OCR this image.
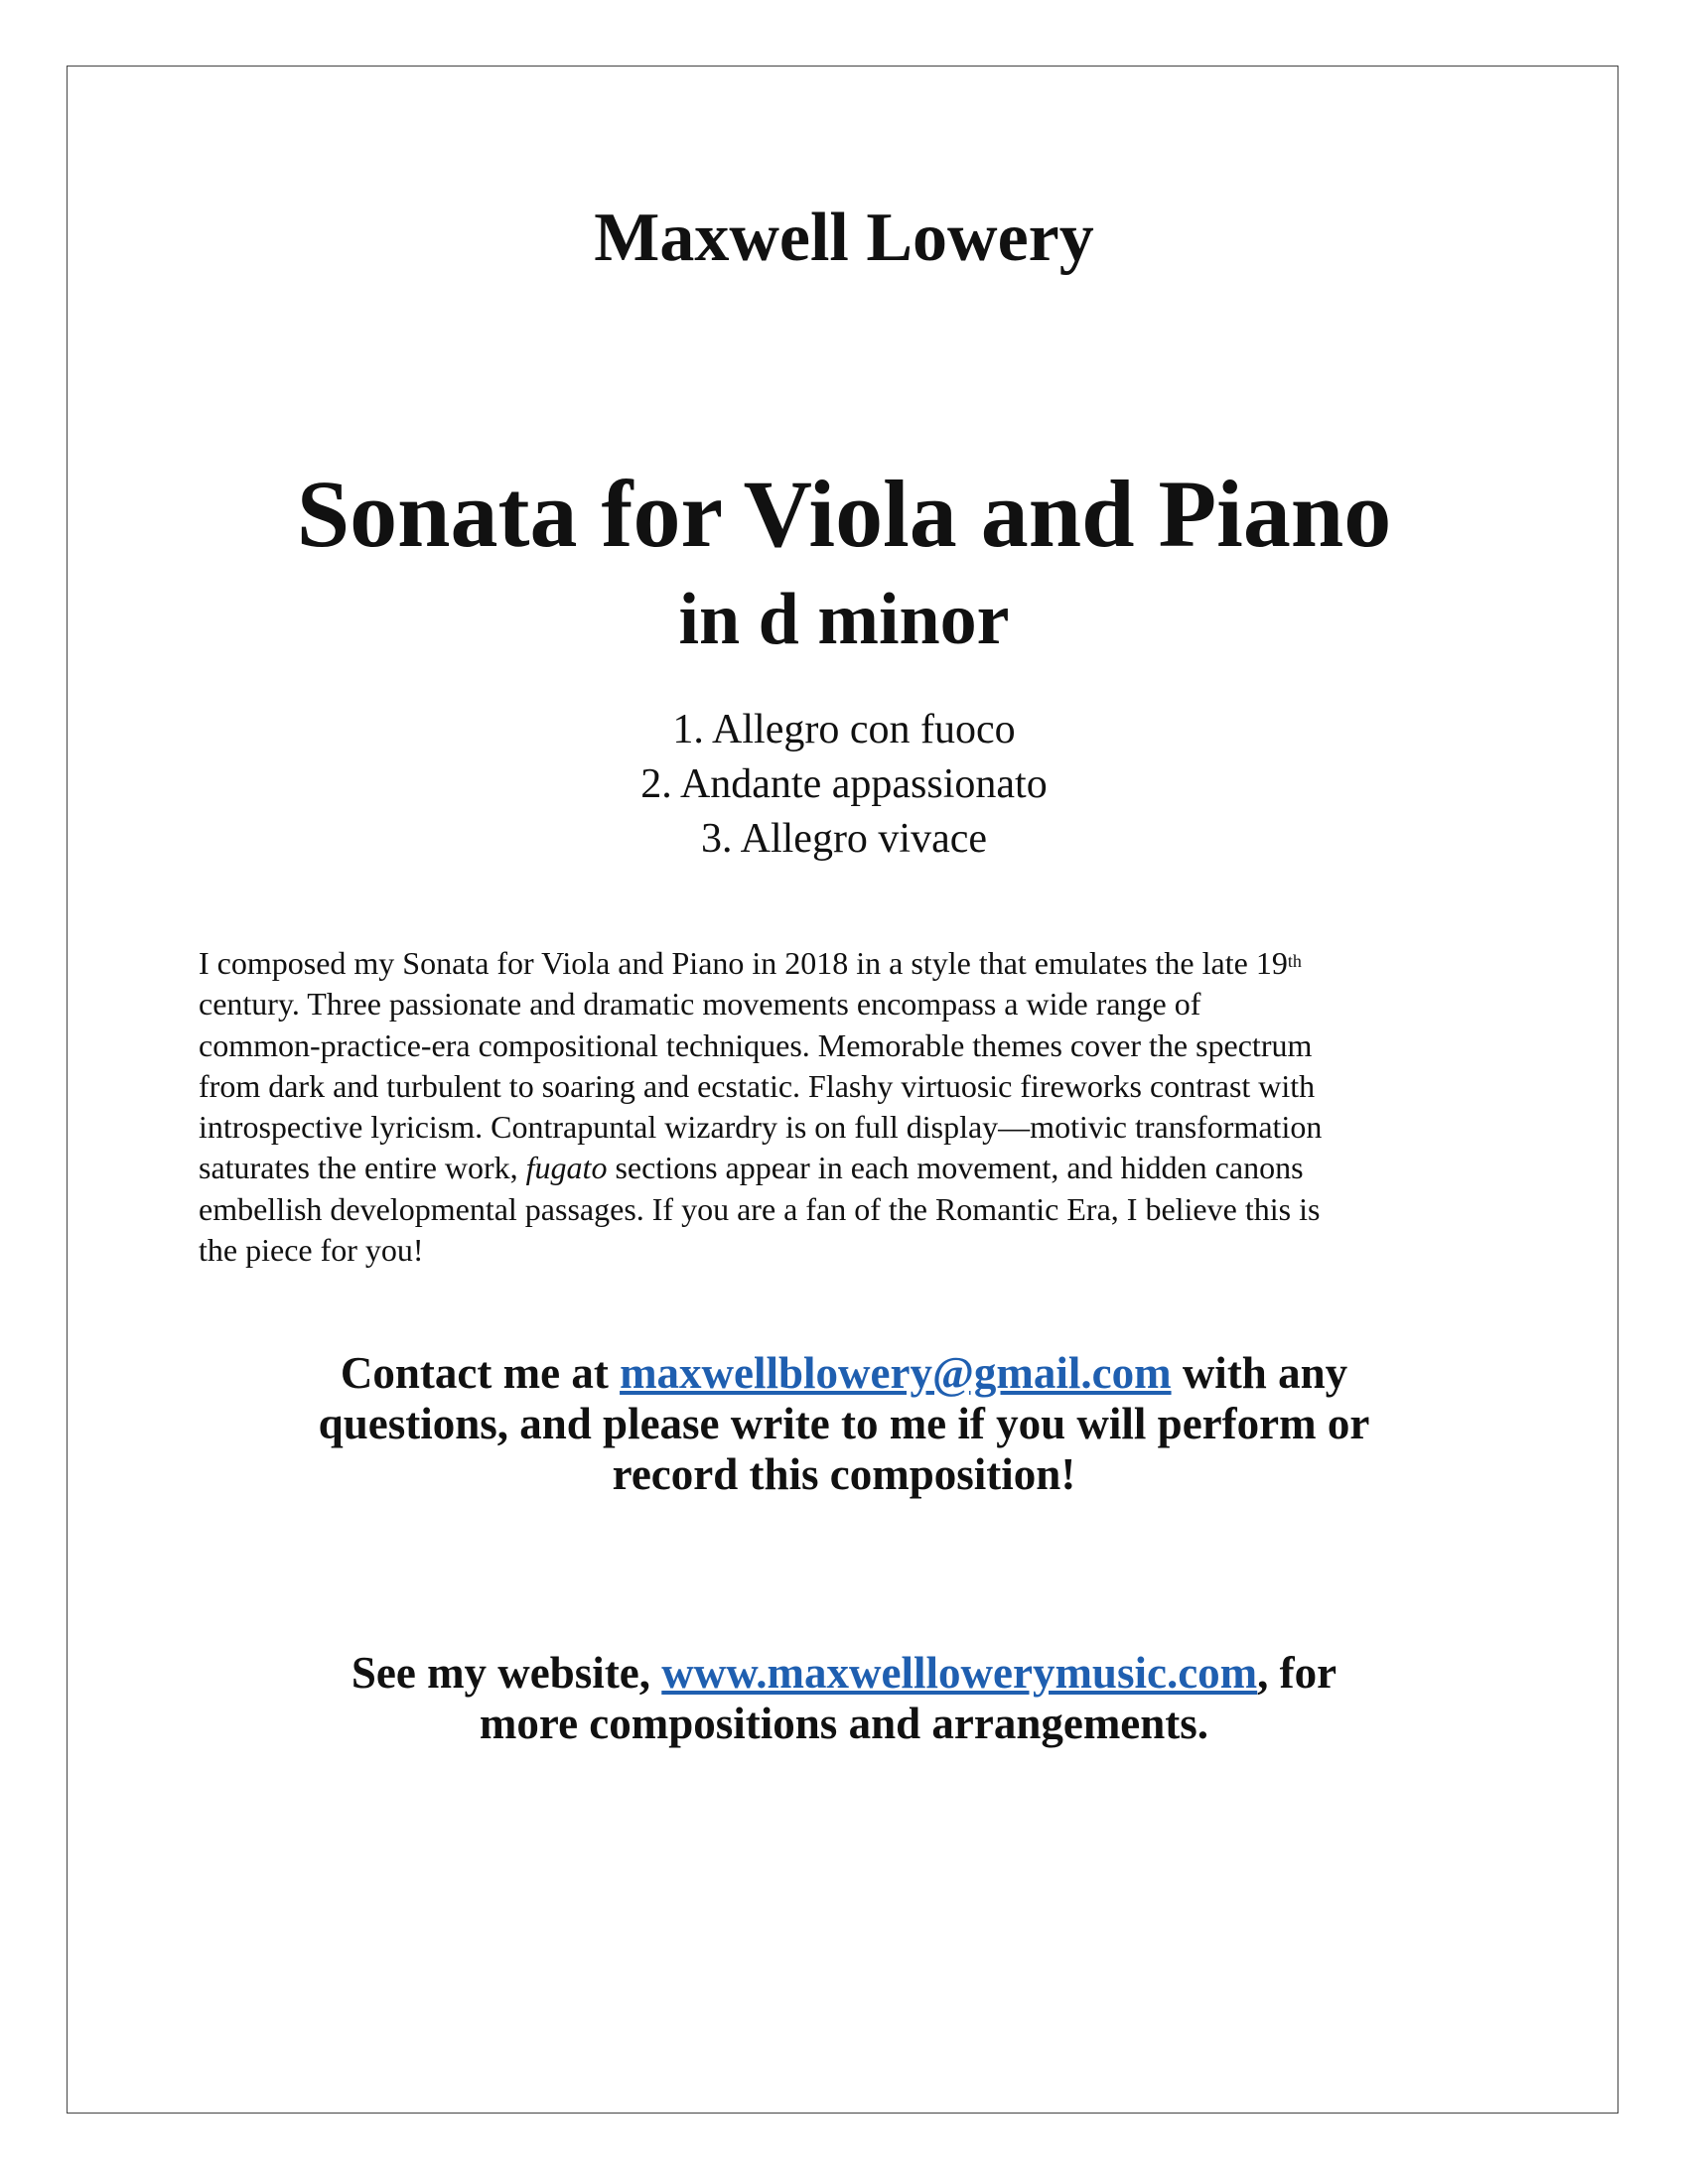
Maxwell Lowery
Sonata for Viola and Piano
in d minor
1. Allegro con fuoco
2. Andante appassionato
3. Allegro vivace
I composed my Sonata for Viola and Piano in 2018 in a style that emulates the late 19th
century. Three passionate and dramatic movements encompass a wide range of
common-practice-era compositional techniques. Memorable themes cover the spectrum
from dark and turbulent to soaring and ecstatic. Flashy virtuosic fireworks contrast with
introspective lyricism. Contrapuntal wizardry is on full display—motivic transformation
saturates the entire work, fugato sections appear in each movement, and hidden canons
embellish developmental passages. If you are a fan of the Romantic Era, I believe this is
the piece for you!
Contact me at maxwellblowery@gmail.com with any
questions, and please write to me if you will perform or
record this composition!
See my website, www.maxwelllowerymusic.com, for
more compositions and arrangements.
